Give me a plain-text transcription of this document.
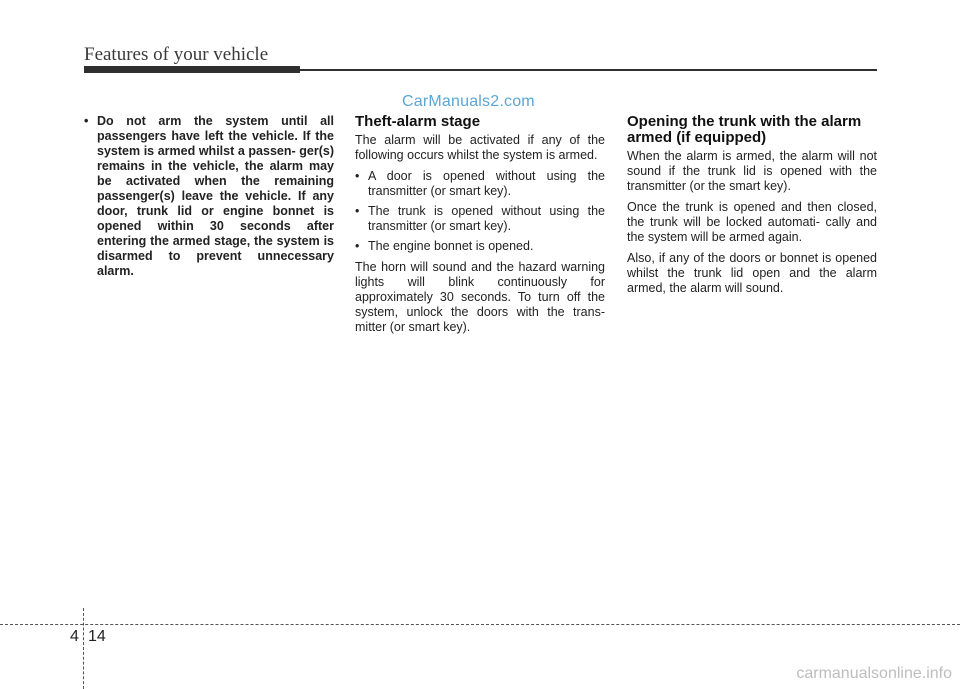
Features of your vehicle
CarManuals2.com

• Do not arm the system until all passengers have left the vehicle. If the system is armed whilst a passen- ger(s) remains in the vehicle, the alarm may be activated when the remaining passenger(s) leave the vehicle. If any door, trunk lid or engine bonnet is opened within 30 seconds after entering the armed stage, the system is disarmed to prevent unnecessary alarm.

Theft-alarm stage

The alarm will be activated if any of the following occurs whilst the system is armed.

• A door is opened without using the transmitter (or smart key).
• The trunk is opened without using the transmitter (or smart key).
• The engine bonnet is opened.

The horn will sound and the hazard warning lights will blink continuously for approximately 30 seconds. To turn off the system, unlock the doors with the trans- mitter (or smart key).

Opening the trunk with the alarm armed (if equipped)

When the alarm is armed, the alarm will not sound if the trunk lid is opened with the transmitter (or the smart key).

Once the trunk is opened and then closed, the trunk will be locked automati- cally and the system will be armed again.

Also, if any of the doors or bonnet is opened whilst the trunk lid open and the alarm armed, the alarm will sound.

4 14
carmanualsonline.info
